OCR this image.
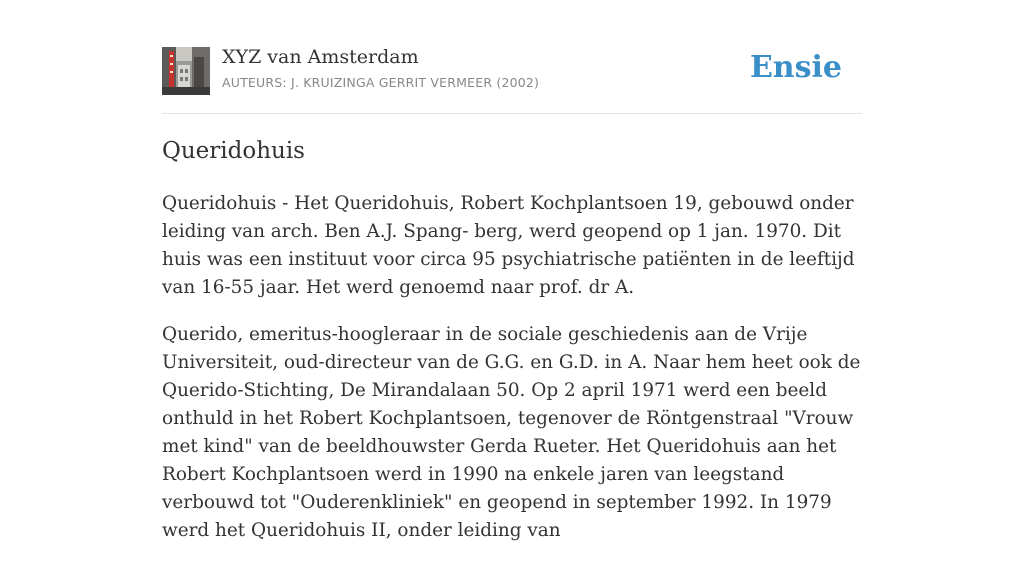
XYZ van Amsterdam
AUTEURS: J. KRUIZINGA GERRIT VERMEER (2002)	Ensie
Queridohuis

Queridohuis - Het Queridohuis, Robert Kochplantsoen 19, gebouwd onder leiding van arch. Ben A.J. Spang- berg, werd geopend op 1 jan. 1970. Dit huis was een instituut voor circa 95 psychiatrische patiënten in de leeftijd van 16-55 jaar. Het werd genoemd naar prof. dr A.

Querido, emeritus-hoogleraar in de sociale geschiedenis aan de Vrije Universiteit, oud-directeur van de G.G. en G.D. in A. Naar hem heet ook de Querido-Stichting, De Mirandalaan 50. Op 2 april 1971 werd een beeld onthuld in het Robert Kochplantsoen, tegenover de Röntgenstraal "Vrouw met kind" van de beeldhouwster Gerda Rueter. Het Queridohuis aan het Robert Kochplantsoen werd in 1990 na enkele jaren van leegstand verbouwd tot "Ouderenkliniek" en geopend in september 1992. In 1979 werd het Queridohuis II, onder leiding van
